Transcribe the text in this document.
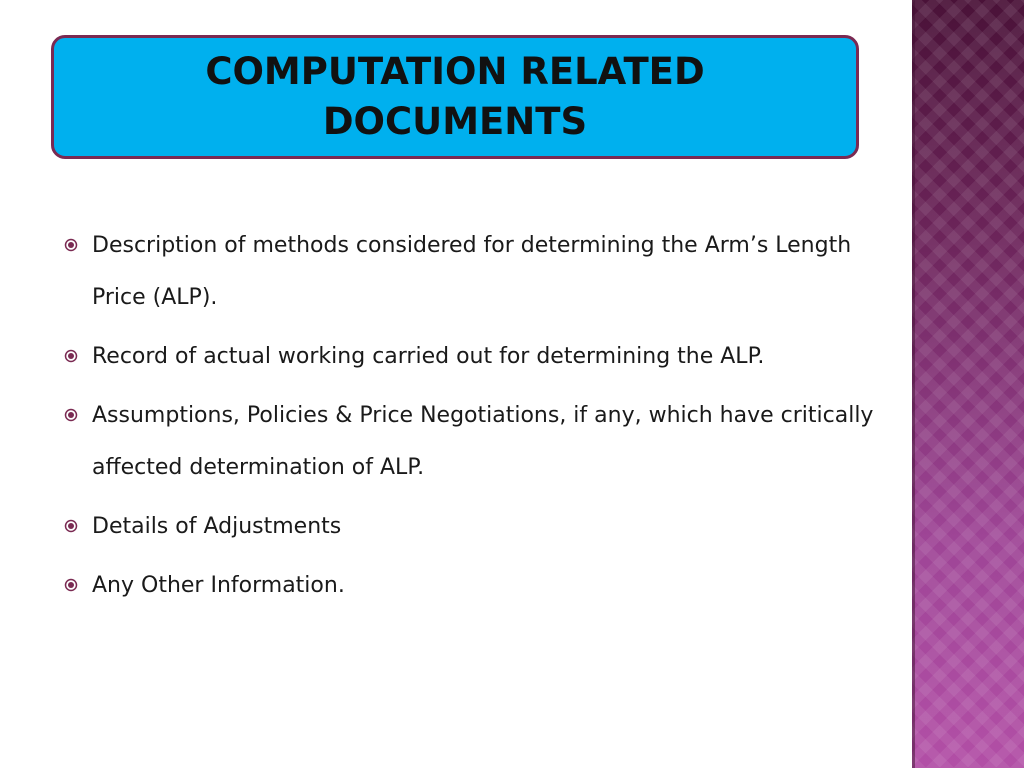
COMPUTATION RELATED DOCUMENTS
Description of methods considered for determining the Arm’s Length Price (ALP).
Record of actual working carried out for determining the ALP.
Assumptions, Policies & Price Negotiations, if any, which have critically affected determination of ALP.
Details of Adjustments
Any Other Information.
